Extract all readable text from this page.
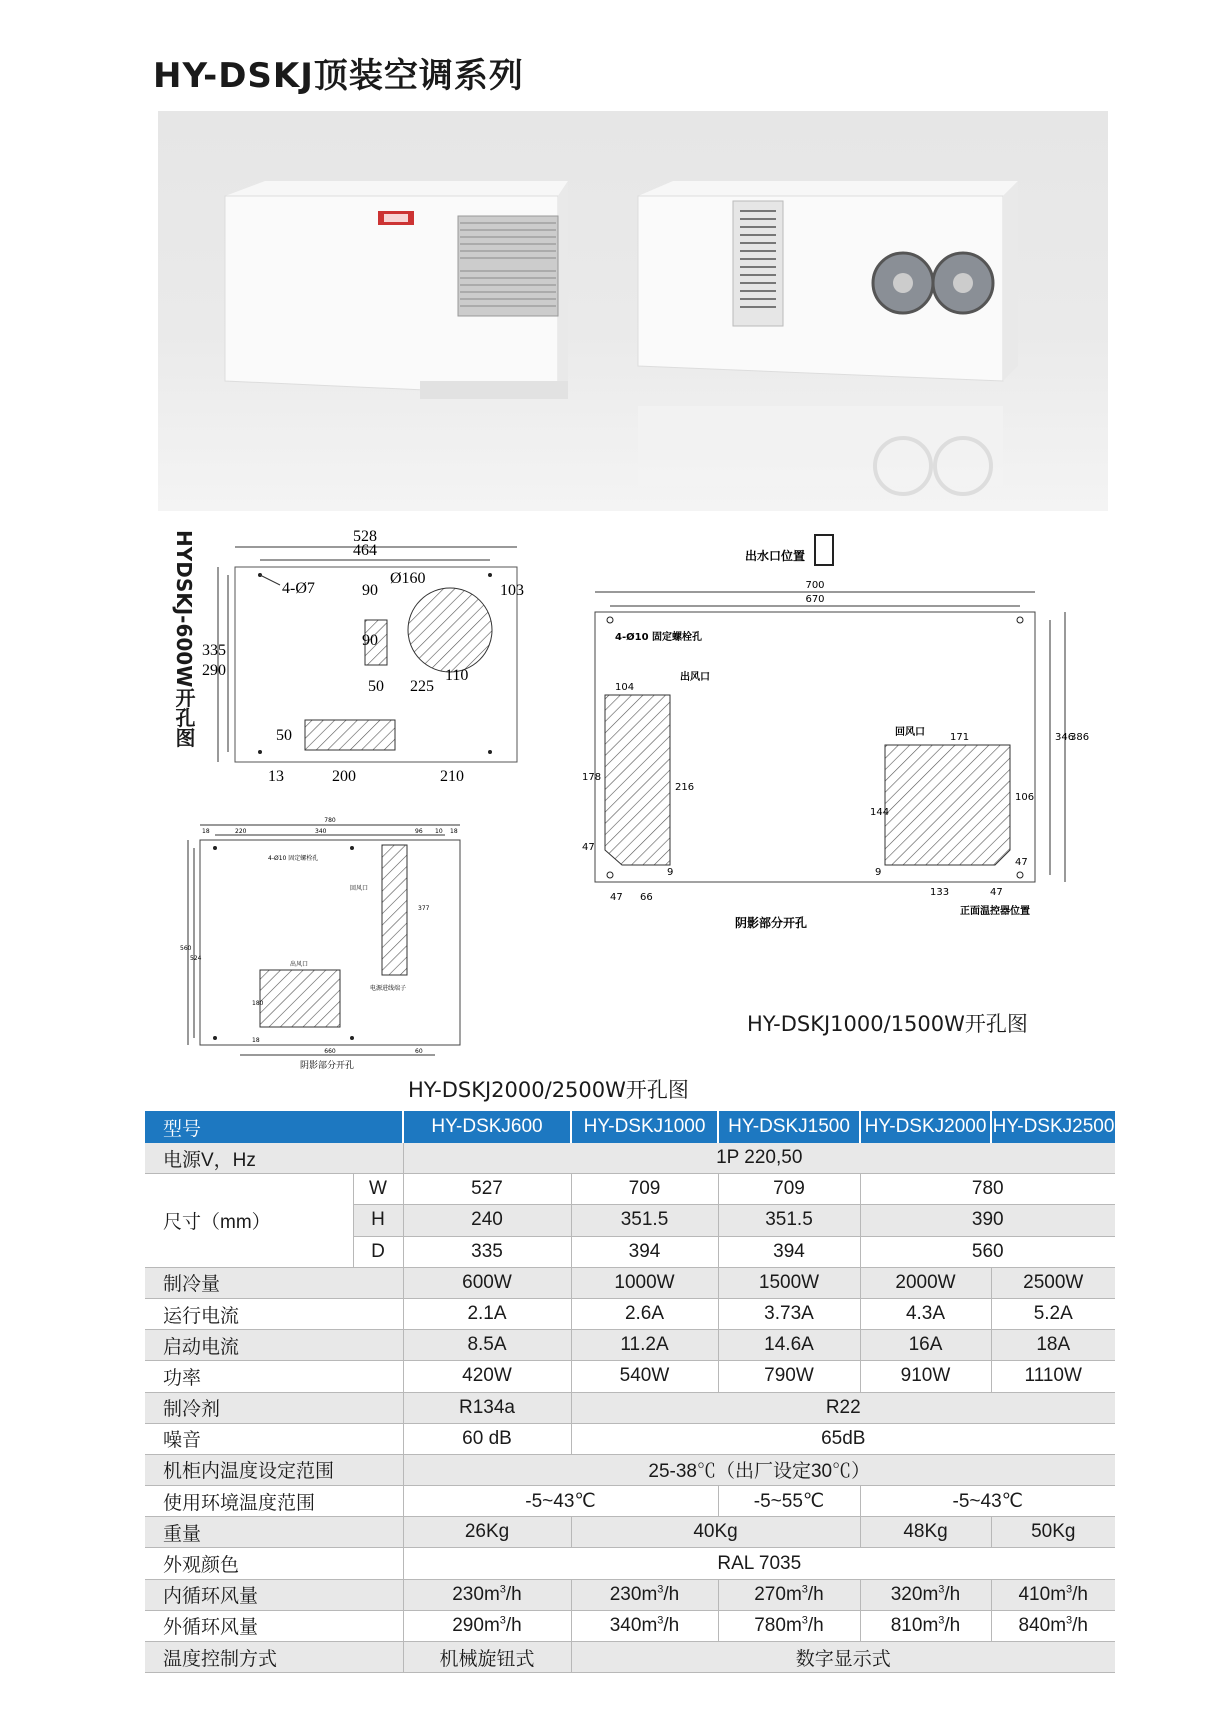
HY-DSKJ顶装空调系列
HYDSKJ-600W开孔图	528
464
4-Ø7
Ø160
90
90
103
335
290
50 225
110
50
13	200	210
出水口位置
700
670
4-Ø10 固定螺栓孔
出风口
104
178
216
47
47 66
9
回风口	171
144
106
346
386
47
133	47
9
阴影部分开孔
正面温控器位置
HY-DSKJ1000/1500W开孔图
780
220	340	96
18	18
10
560
524
4-Ø10 固定螺栓孔
回风口
377
出风口
电源进线端子
180
18
660	60
阴影部分开孔
HY-DSKJ2000/2500W开孔图
型号		HY-DSKJ600	HY-DSKJ1000	HY-DSKJ1500	HY-DSKJ2000	HY-DSKJ2500
电源V，Hz		1P 220,50				
尺寸（mm）	W	527	709	709	780	
	H	240	351.5	351.5	390	
	D	335	394	394	560	
制冷量		600W	1000W	1500W	2000W	2500W
运行电流		2.1A	2.6A	3.73A	4.3A	5.2A
启动电流		8.5A	11.2A	14.6A	16A	18A
功率		420W	540W	790W	910W	1110W
制冷剂		R134a	R22			
噪音		60 dB	65dB			
机柜内温度设定范围		25-38℃（出厂设定30℃）				
使用环境温度范围		-5~43℃		-5~55℃	-5~43℃	
重量		26Kg	40Kg		48Kg	50Kg
外观颜色		RAL 7035				
内循环风量		$230m^3/h$	$230m^3/h$	$270m^3/h$	$320m^3/h$	$410m^3/h$
外循环风量		$290m^3/h$	$340m^3/h$	$780m^3/h$	$810m^3/h$	$840m^3/h$
温度控制方式		机械旋钮式	数字显示式			
